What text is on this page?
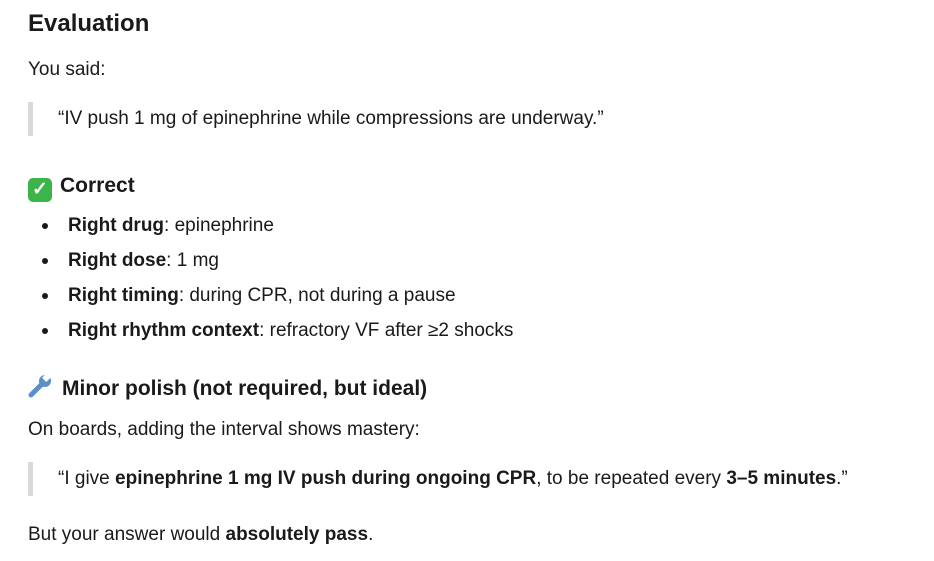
Evaluation

You said:

“IV push 1 mg of epinephrine while compressions are underway.”
✓ Correct
Right drug: epinephrine
Right dose: 1 mg
Right timing: during CPR, not during a pause
Right rhythm context: refractory VF after ≥2 shocks
Minor polish (not required, but ideal)

On boards, adding the interval shows mastery:

“I give epinephrine 1 mg IV push during ongoing CPR, to be repeated every 3–5 minutes.”

But your answer would absolutely pass.
